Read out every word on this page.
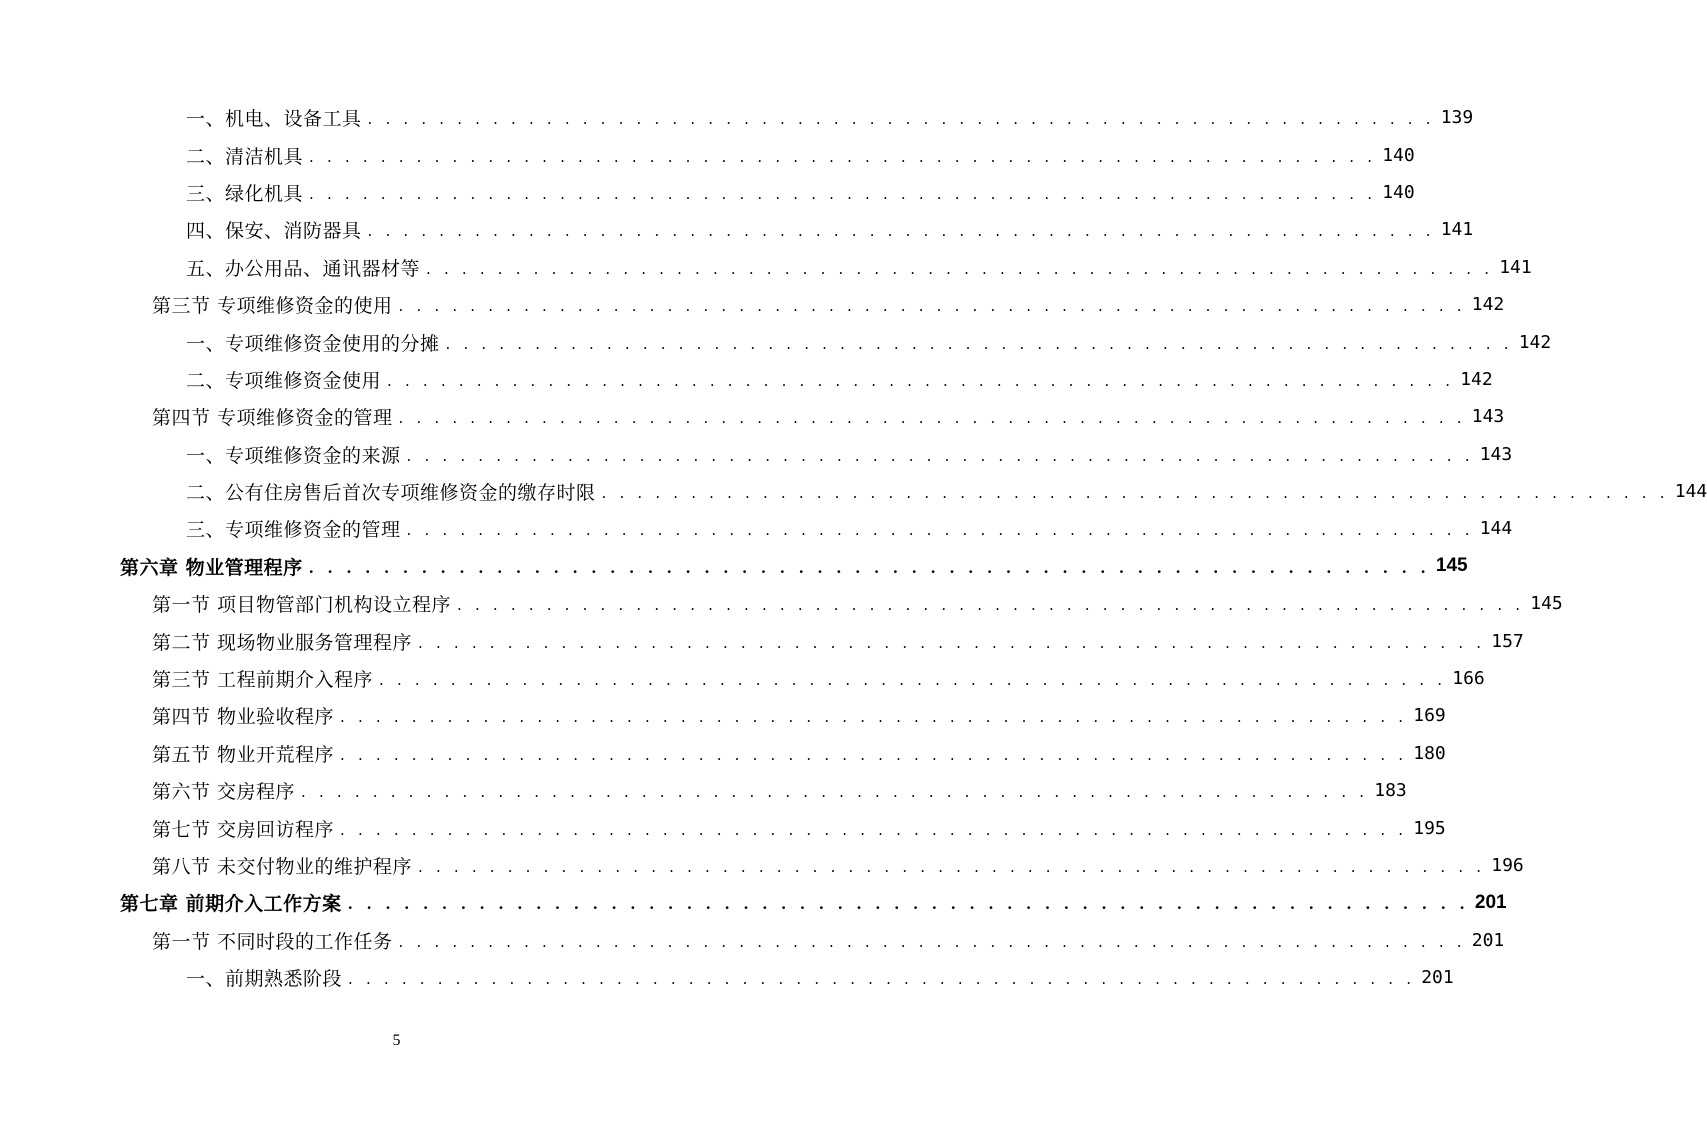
一、机电、设备工具 . . . . . . . . . . . . . . . . . . . . . . . . . . . . . . . . . . . . . . . . . . . . . . . . . . . . . . . . . . . . 139
二、清洁机具 . . . . . . . . . . . . . . . . . . . . . . . . . . . . . . . . . . . . . . . . . . . . . . . . . . . . . . . . . . . . 140
三、绿化机具 . . . . . . . . . . . . . . . . . . . . . . . . . . . . . . . . . . . . . . . . . . . . . . . . . . . . . . . . . . . . 140
四、保安、消防器具 . . . . . . . . . . . . . . . . . . . . . . . . . . . . . . . . . . . . . . . . . . . . . . . . . . . . . . . . . . . . 141
五、办公用品、通讯器材等 . . . . . . . . . . . . . . . . . . . . . . . . . . . . . . . . . . . . . . . . . . . . . . . . . . . . . . . . . . . . 141
第三节 专项维修资金的使用 . . . . . . . . . . . . . . . . . . . . . . . . . . . . . . . . . . . . . . . . . . . . . . . . . . . . . . . . . . . . 142
一、专项维修资金使用的分摊 . . . . . . . . . . . . . . . . . . . . . . . . . . . . . . . . . . . . . . . . . . . . . . . . . . . . . . . . . . . . 142
二、专项维修资金使用 . . . . . . . . . . . . . . . . . . . . . . . . . . . . . . . . . . . . . . . . . . . . . . . . . . . . . . . . . . . . 142
第四节 专项维修资金的管理 . . . . . . . . . . . . . . . . . . . . . . . . . . . . . . . . . . . . . . . . . . . . . . . . . . . . . . . . . . . . 143
一、专项维修资金的来源 . . . . . . . . . . . . . . . . . . . . . . . . . . . . . . . . . . . . . . . . . . . . . . . . . . . . . . . . . . . . 143
二、公有住房售后首次专项维修资金的缴存时限 . . . . . . . . . . . . . . . . . . . . . . . . . . . . . . . . . . . . . . . . . . . . . . . . . . . . . . . . . . . . 144
三、专项维修资金的管理 . . . . . . . . . . . . . . . . . . . . . . . . . . . . . . . . . . . . . . . . . . . . . . . . . . . . . . . . . . . . 144
第六章 物业管理程序 . . . . . . . . . . . . . . . . . . . . . . . . . . . . . . . . . . . . . . . . . . . . . . . . . . . . . . . . . . . . 145
第一节 项目物管部门机构设立程序 . . . . . . . . . . . . . . . . . . . . . . . . . . . . . . . . . . . . . . . . . . . . . . . . . . . . . . . . . . . . 145
第二节 现场物业服务管理程序 . . . . . . . . . . . . . . . . . . . . . . . . . . . . . . . . . . . . . . . . . . . . . . . . . . . . . . . . . . . . 157
第三节 工程前期介入程序 . . . . . . . . . . . . . . . . . . . . . . . . . . . . . . . . . . . . . . . . . . . . . . . . . . . . . . . . . . . . 166
第四节 物业验收程序 . . . . . . . . . . . . . . . . . . . . . . . . . . . . . . . . . . . . . . . . . . . . . . . . . . . . . . . . . . . . 169
第五节 物业开荒程序 . . . . . . . . . . . . . . . . . . . . . . . . . . . . . . . . . . . . . . . . . . . . . . . . . . . . . . . . . . . . 180
第六节 交房程序 . . . . . . . . . . . . . . . . . . . . . . . . . . . . . . . . . . . . . . . . . . . . . . . . . . . . . . . . . . . . 183
第七节 交房回访程序 . . . . . . . . . . . . . . . . . . . . . . . . . . . . . . . . . . . . . . . . . . . . . . . . . . . . . . . . . . . . 195
第八节 未交付物业的维护程序 . . . . . . . . . . . . . . . . . . . . . . . . . . . . . . . . . . . . . . . . . . . . . . . . . . . . . . . . . . . . 196
第七章 前期介入工作方案 . . . . . . . . . . . . . . . . . . . . . . . . . . . . . . . . . . . . . . . . . . . . . . . . . . . . . . . . . . . . 201
第一节 不同时段的工作任务 . . . . . . . . . . . . . . . . . . . . . . . . . . . . . . . . . . . . . . . . . . . . . . . . . . . . . . . . . . . . 201
一、前期熟悉阶段 . . . . . . . . . . . . . . . . . . . . . . . . . . . . . . . . . . . . . . . . . . . . . . . . . . . . . . . . . . . . 201
5
